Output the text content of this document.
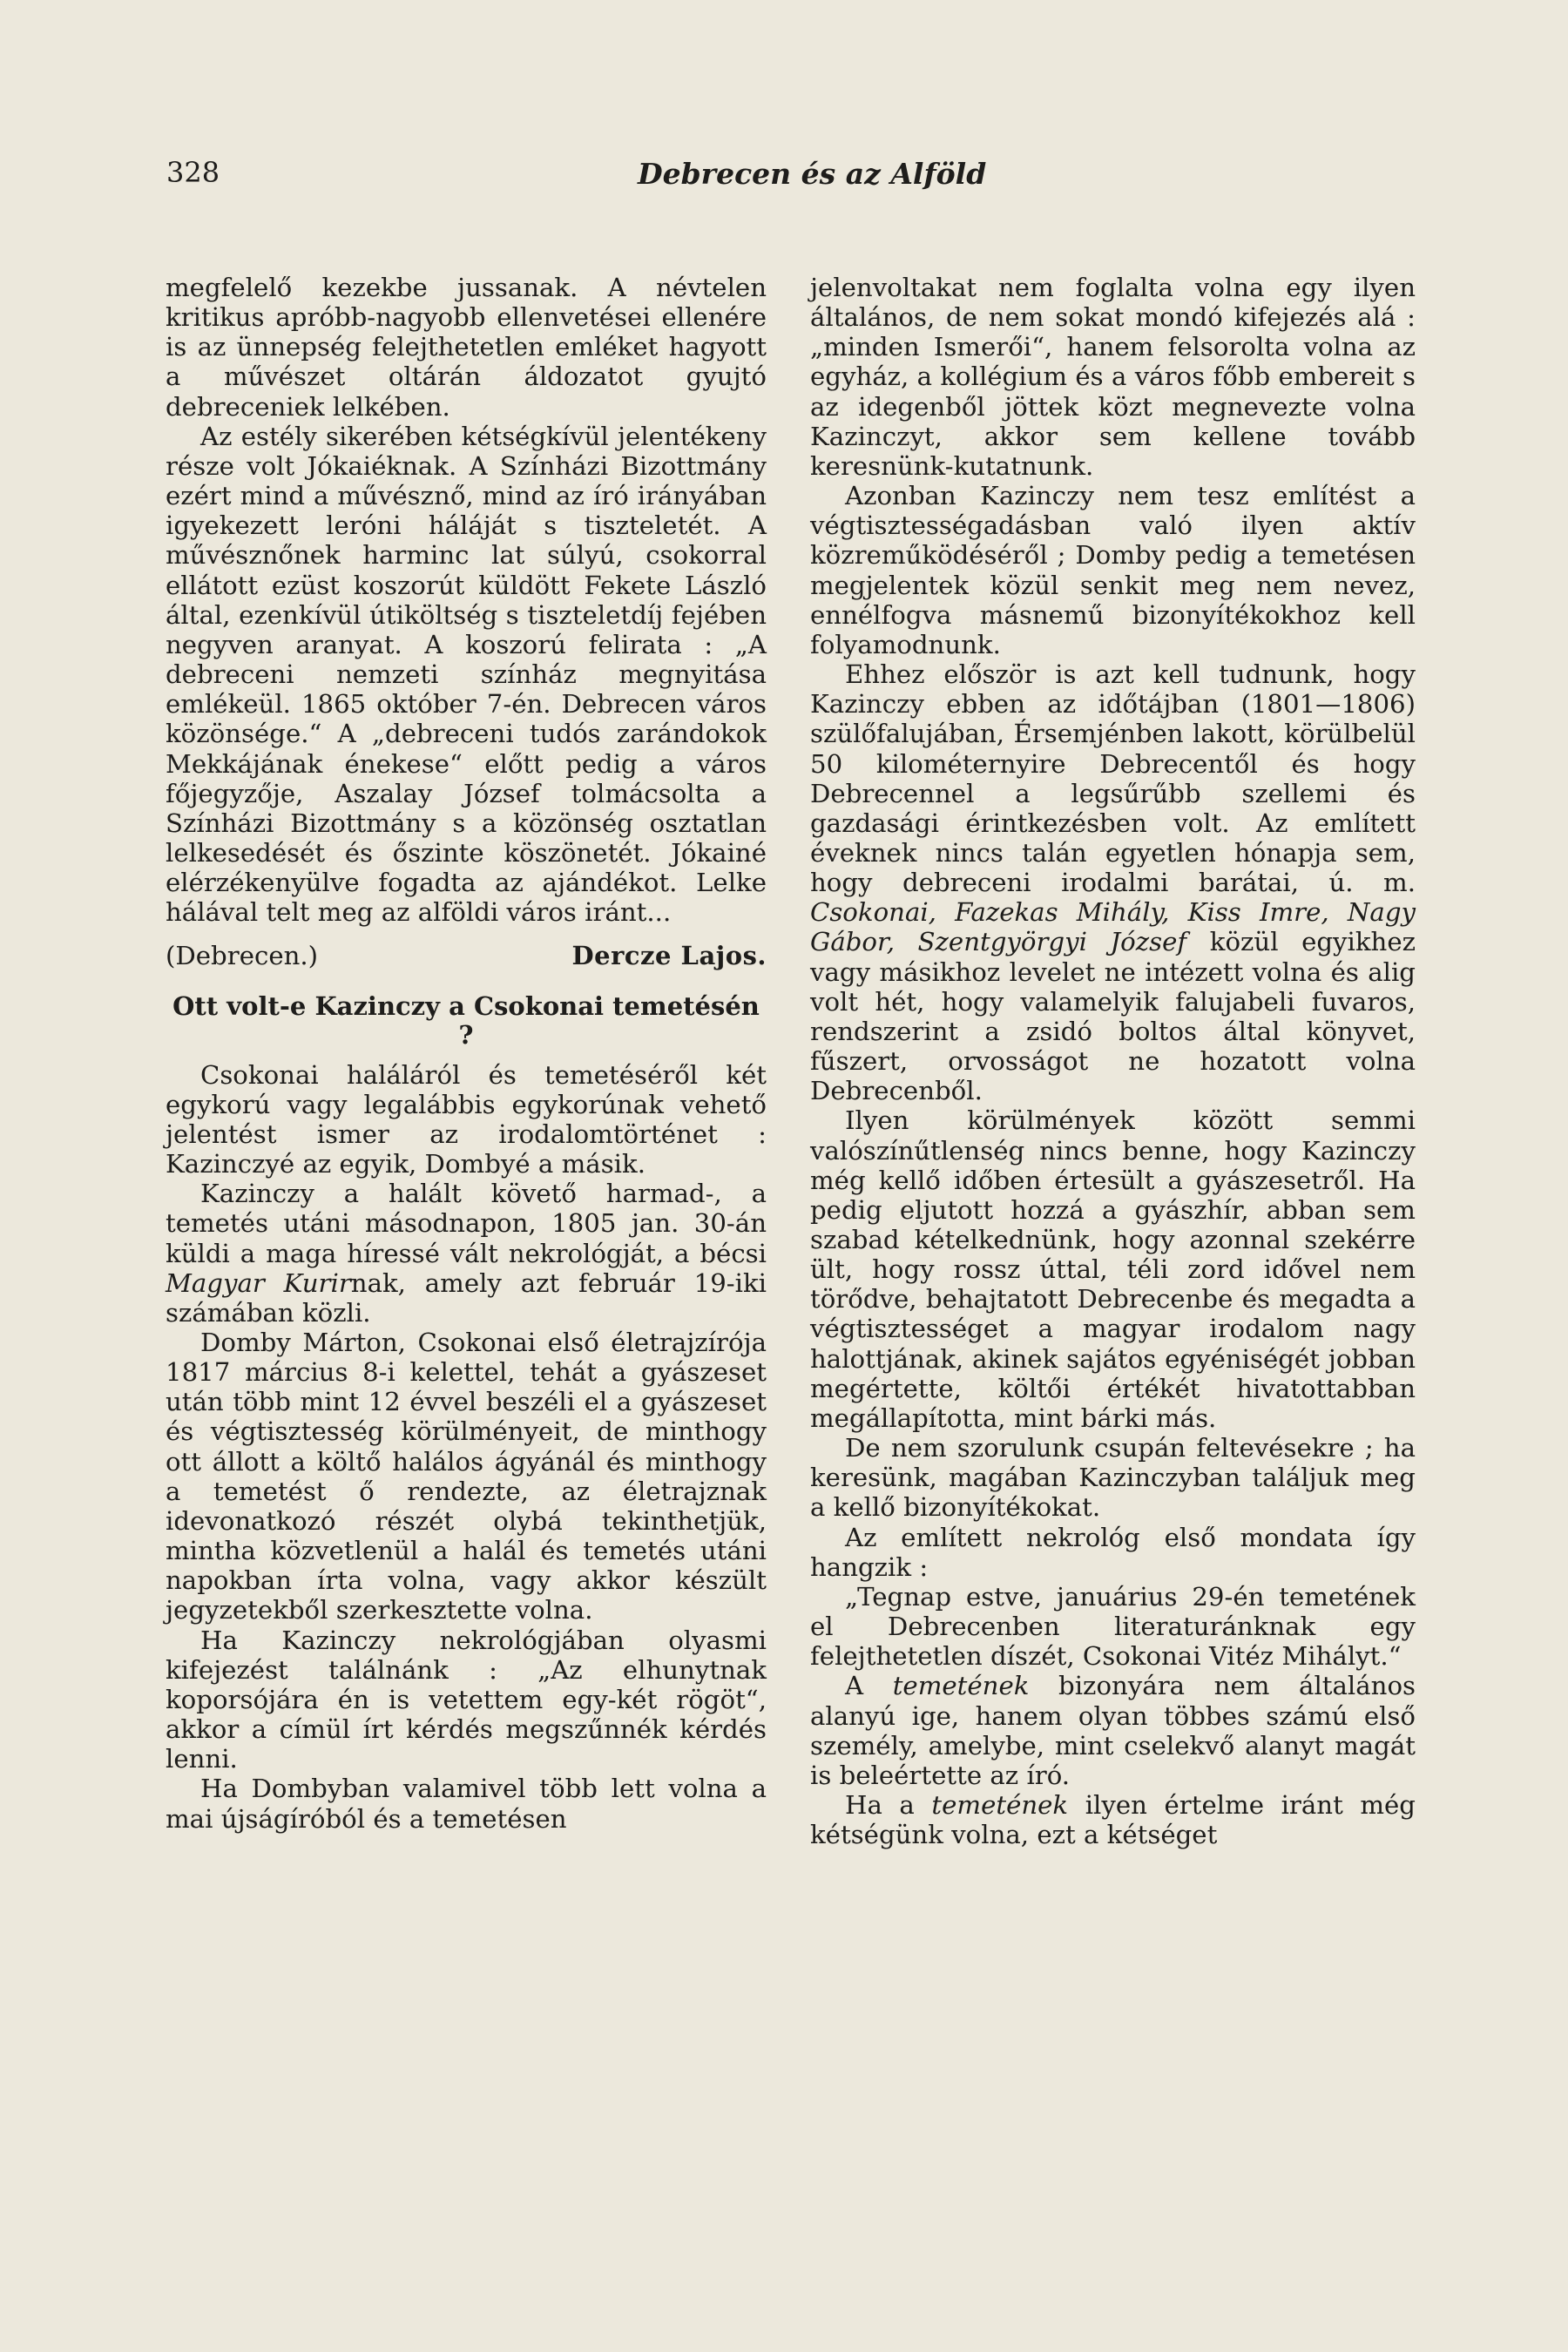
328	Debrecen és az Alföld

megfelelő kezekbe jussanak. A névtelen kritikus apróbb-nagyobb ellenvetései ellenére is az ünnepség felejthetetlen emléket hagyott a művészet oltárán áldozatot gyujtó debreceniek lelkében.

Az estély sikerében kétségkívül jelentékeny része volt Jókaiéknak. A Színházi Bizottmány ezért mind a művésznő, mind az író irányában igyekezett leróni háláját s tiszteletét. A művésznőnek harminc lat súlyú, csokorral ellátott ezüst koszorút küldött Fekete László által, ezenkívül útiköltség s tiszteletdíj fejében negyven aranyat. A koszorú felirata : „A debreceni nemzeti színház megnyitása emlékeül. 1865 október 7-én. Debrecen város közönsége.“ A „debreceni tudós zarándokok Mekkájának énekese“ előtt pedig a város főjegyzője, Aszalay József tolmácsolta a Színházi Bizottmány s a közönség osztatlan lelkesedését és őszinte köszönetét. Jókainé elérzékenyülve fogadta az ajándékot. Lelke hálával telt meg az alföldi város iránt...

(Debrecen.)	Dercze Lajos.
Ott volt-e Kazinczy a Csokonai temetésén ?

Csokonai haláláról és temetéséről két egykorú vagy legalábbis egykorúnak vehető jelentést ismer az irodalomtörténet : Kazinczyé az egyik, Dombyé a másik.

Kazinczy a halált követő harmad-, a temetés utáni másodnapon, 1805 jan. 30-án küldi a maga híressé vált nekrológját, a bécsi Magyar Kurirnak, amely azt február 19-iki számában közli.

Domby Márton, Csokonai első életrajzírója 1817 március 8-i kelettel, tehát a gyászeset után több mint 12 évvel beszéli el a gyászeset és végtisztesség körülményeit, de minthogy ott állott a költő halálos ágyánál és minthogy a temetést ő rendezte, az életrajznak idevonatkozó részét olybá tekinthetjük, mintha közvetlenül a halál és temetés utáni napokban írta volna, vagy akkor készült jegyzetekből szerkesztette volna.

Ha Kazinczy nekrológjában olyasmi kifejezést találnánk : „Az elhunytnak koporsójára én is vetettem egy-két rögöt“, akkor a címül írt kérdés megszűnnék kérdés lenni.

Ha Dombyban valamivel több lett volna a mai újságíróból és a temetésen

jelenvoltakat nem foglalta volna egy ilyen általános, de nem sokat mondó kifejezés alá : „minden Ismerői“, hanem felsorolta volna az egyház, a kollégium és a város főbb embereit s az idegenből jöttek közt megnevezte volna Kazinczyt, akkor sem kellene tovább keresnünk-kutatnunk.

Azonban Kazinczy nem tesz említést a végtisztességadásban való ilyen aktív közreműködéséről ; Domby pedig a temetésen megjelentek közül senkit meg nem nevez, ennélfogva másnemű bizonyítékokhoz kell folyamodnunk.

Ehhez először is azt kell tudnunk, hogy Kazinczy ebben az időtájban (1801—1806) szülőfalujában, Érsemjénben lakott, körülbelül 50 kilométernyire Debrecentől és hogy Debrecennel a legsűrűbb szellemi és gazdasági érintkezésben volt. Az említett éveknek nincs talán egyetlen hónapja sem, hogy debreceni irodalmi barátai, ú. m. Csokonai, Fazekas Mihály, Kiss Imre, Nagy Gábor, Szentgyörgyi József közül egyikhez vagy másikhoz levelet ne intézett volna és alig volt hét, hogy valamelyik falujabeli fuvaros, rendszerint a zsidó boltos által könyvet, fűszert, orvosságot ne hozatott volna Debrecenből.

Ilyen körülmények között semmi valószínűtlenség nincs benne, hogy Kazinczy még kellő időben értesült a gyászesetről. Ha pedig eljutott hozzá a gyászhír, abban sem szabad kételkednünk, hogy azonnal szekérre ült, hogy rossz úttal, téli zord idővel nem törődve, behajtatott Debrecenbe és megadta a végtisztességet a magyar irodalom nagy halottjának, akinek sajátos egyéniségét jobban megértette, költői értékét hivatottabban megállapította, mint bárki más.

De nem szorulunk csupán feltevésekre ; ha keresünk, magában Kazinczyban találjuk meg a kellő bizonyítékokat.

Az említett nekrológ első mondata így hangzik :

„Tegnap estve, januárius 29-én temetének el Debrecenben literaturánknak egy felejthetetlen díszét, Csokonai Vitéz Mihályt.“

A temetének bizonyára nem általános alanyú ige, hanem olyan többes számú első személy, amelybe, mint cselekvő alanyt magát is beleértette az író.

Ha a temetének ilyen értelme iránt még kétségünk volna, ezt a kétséget
